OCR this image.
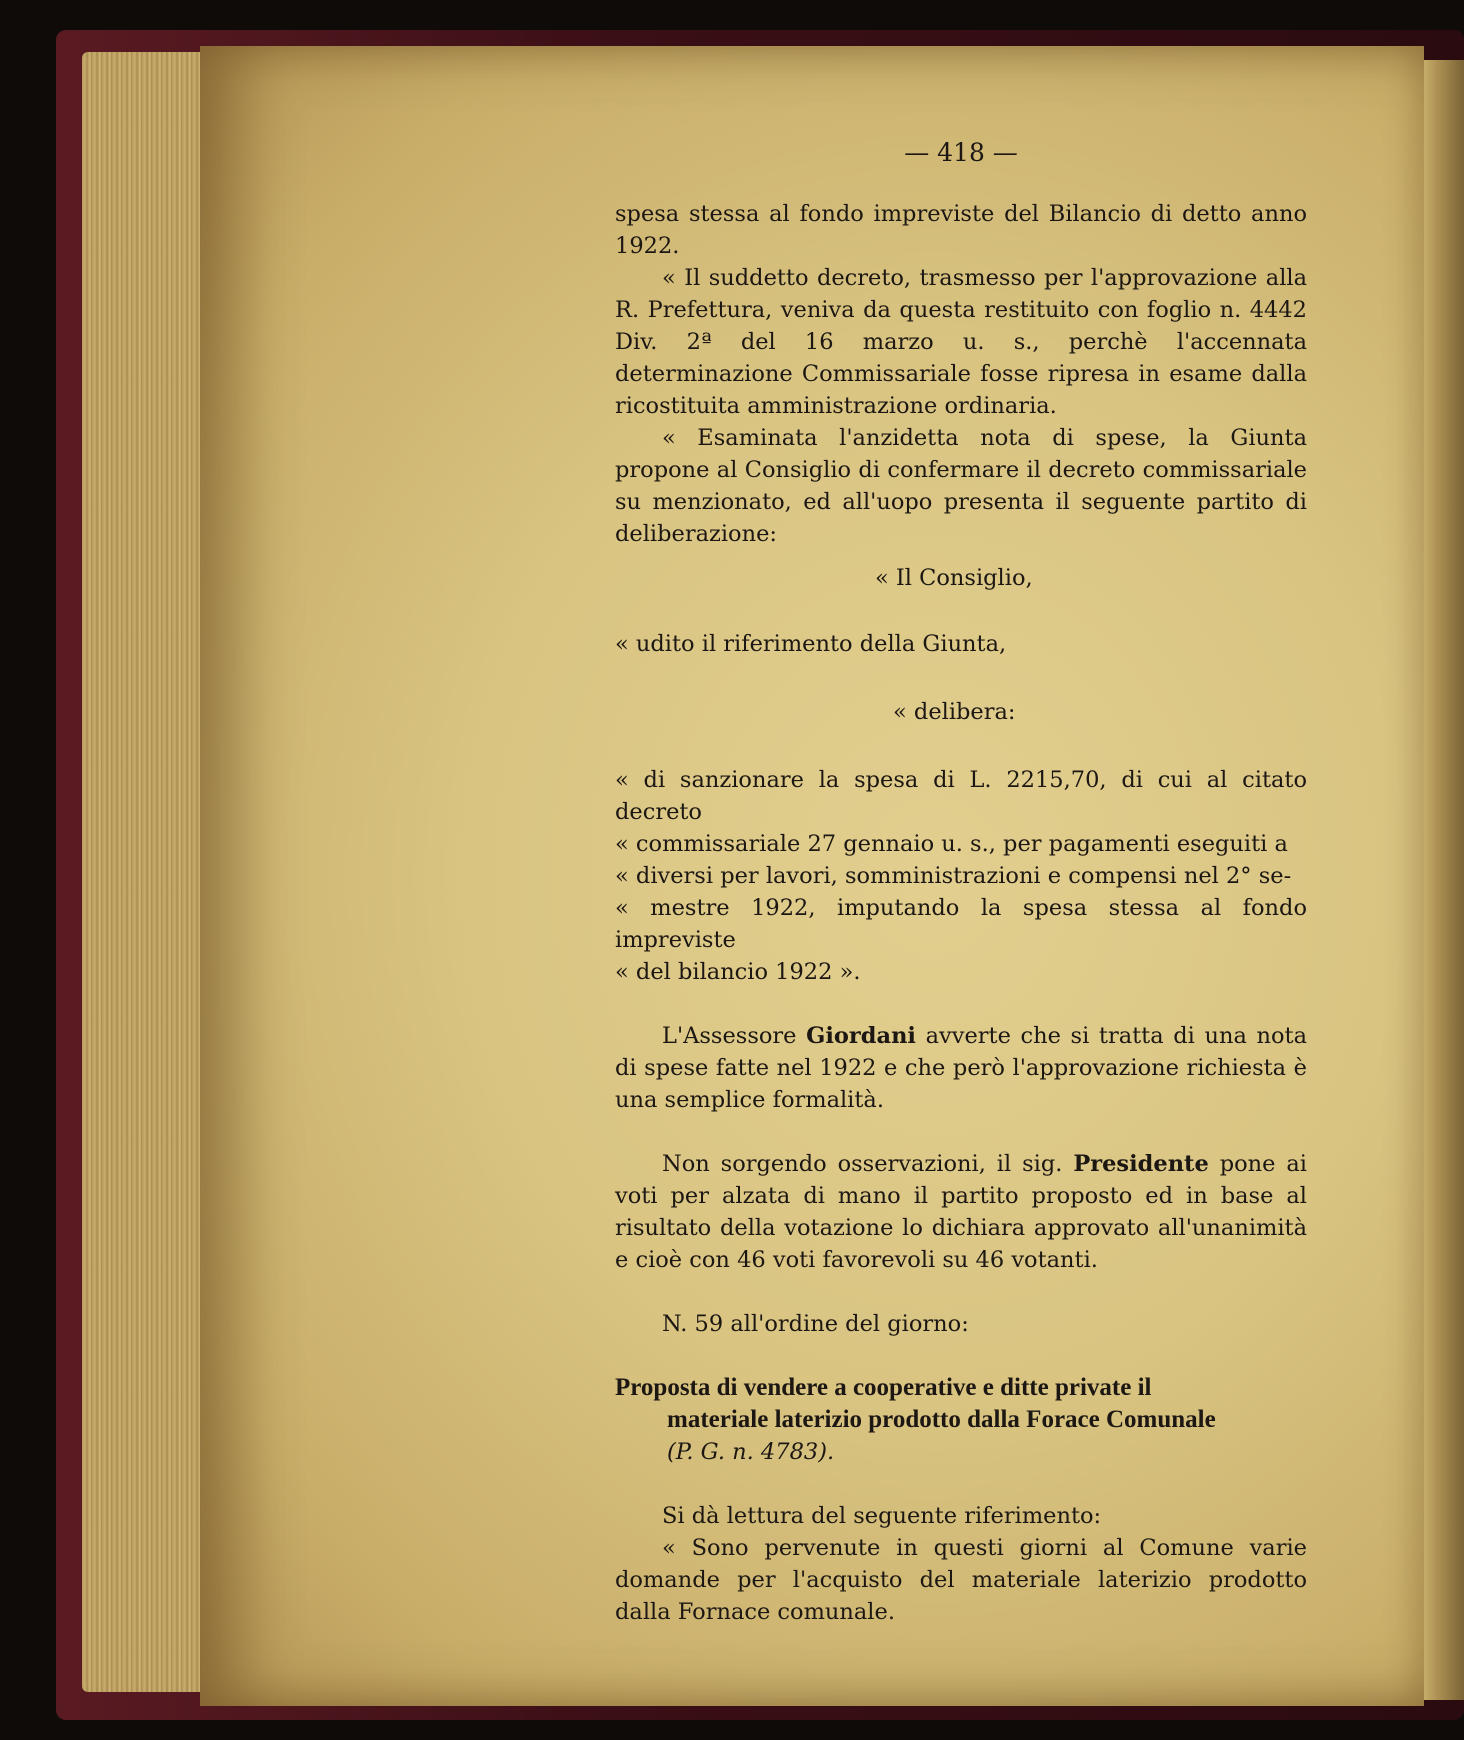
— 418 —
spesa stessa al fondo impreviste del Bilancio di detto anno 1922.
« Il suddetto decreto, trasmesso per l'approvazione alla R. Prefettura, veniva da questa restituito con foglio n. 4442 Div. 2ª del 16 marzo u. s., perchè l'accennata determinazione Commissariale fosse ripresa in esame dalla ricostituita amministrazione ordinaria.
« Esaminata l'anzidetta nota di spese, la Giunta propone al Consiglio di confermare il decreto commissariale su menzionato, ed all'uopo presenta il seguente partito di deliberazione:
« Il Consiglio,
« udito il riferimento della Giunta,
« delibera:
« di sanzionare la spesa di L. 2215,70, di cui al citato decreto
« commissariale 27 gennaio u. s., per pagamenti eseguiti a
« diversi per lavori, somministrazioni e compensi nel 2° se-
« mestre 1922, imputando la spesa stessa al fondo impreviste
« del bilancio 1922 ».
L'Assessore Giordani avverte che si tratta di una nota di spese fatte nel 1922 e che però l'approvazione richiesta è una semplice formalità.
Non sorgendo osservazioni, il sig. Presidente pone ai voti per alzata di mano il partito proposto ed in base al risultato della votazione lo dichiara approvato all'unanimità e cioè con 46 voti favorevoli su 46 votanti.
N. 59 all'ordine del giorno:
Proposta di vendere a cooperative e ditte private il
materiale laterizio prodotto dalla Forace Comunale
(P. G. n. 4783).
Si dà lettura del seguente riferimento:
« Sono pervenute in questi giorni al Comune varie domande per l'acquisto del materiale laterizio prodotto dalla Fornace comunale.
